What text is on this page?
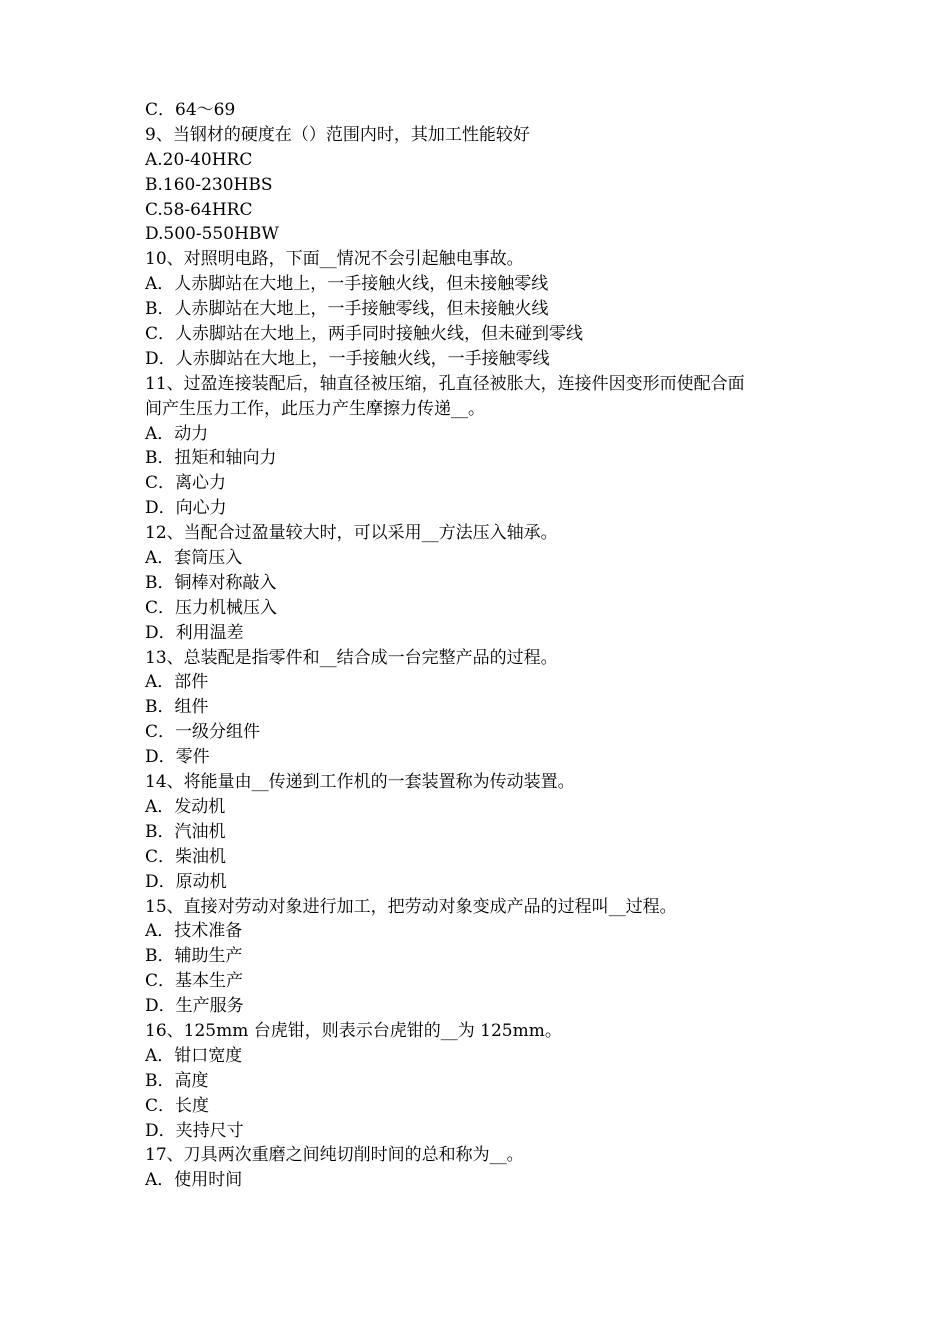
C．64～69
9、当钢材的硬度在（）范围内时，其加工性能较好
A.20-40HRC
B.160-230HBS
C.58-64HRC
D.500-550HBW
10、对照明电路，下面__情况不会引起触电事故。
A．人赤脚站在大地上，一手接触火线，但未接触零线
B．人赤脚站在大地上，一手接触零线，但未接触火线
C．人赤脚站在大地上，两手同时接触火线，但未碰到零线
D．人赤脚站在大地上，一手接触火线，一手接触零线
11、过盈连接装配后，轴直径被压缩，孔直径被胀大，连接件因变形而使配合面
间产生压力工作，此压力产生摩擦力传递__。
A．动力
B．扭矩和轴向力
C．离心力
D．向心力
12、当配合过盈量较大时，可以采用__方法压入轴承。
A．套筒压入
B．铜棒对称敲入
C．压力机械压入
D．利用温差
13、总装配是指零件和__结合成一台完整产品的过程。
A．部件
B．组件
C．一级分组件
D．零件
14、将能量由__传递到工作机的一套装置称为传动装置。
A．发动机
B．汽油机
C．柴油机
D．原动机
15、直接对劳动对象进行加工，把劳动对象变成产品的过程叫__过程。
A．技术准备
B．辅助生产
C．基本生产
D．生产服务
16、125mm 台虎钳，则表示台虎钳的__为 125mm。
A．钳口宽度
B．高度
C．长度
D．夹持尺寸
17、刀具两次重磨之间纯切削时间的总和称为__。
A．使用时间
